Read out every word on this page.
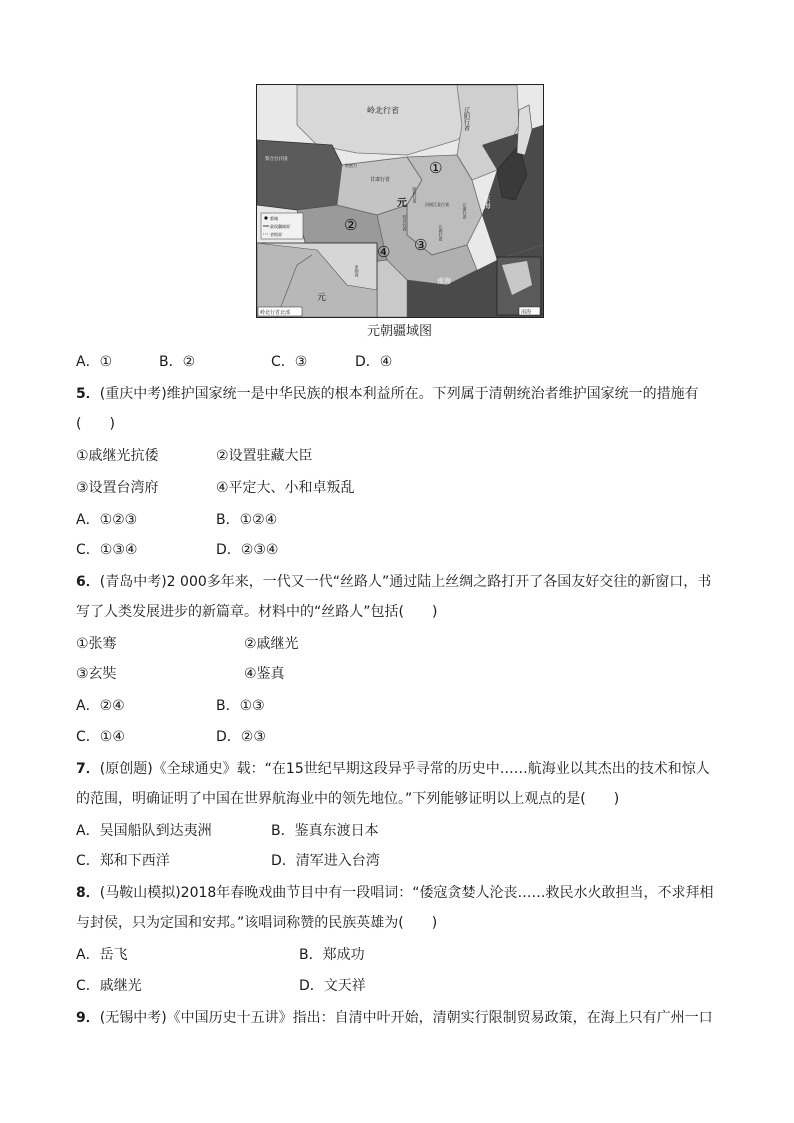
都城
政权疆域界
省级界
岭北行省	辽阳行省
察合台汗国
哈密力
甘肃行省
元
陕西行省
四川行省
河南江北行省	江浙行省
江西行省
东海
南海
①
②
③
④
亚纳河
元
岭北行省北部	南海
元朝疆域图
A．①	B．②	C．③	D．④
5．(重庆中考)维护国家统一是中华民族的根本利益所在。下列属于清朝统治者维护国家统一的措施有
(　　)
①戚继光抗倭	②设置驻藏大臣
③设置台湾府	④平定大、小和卓叛乱
A．①②③	B．①②④
C．①③④	D．②③④
6．(青岛中考)2 000多年来，一代又一代“丝路人”通过陆上丝绸之路打开了各国友好交往的新窗口，书
写了人类发展进步的新篇章。材料中的“丝路人”包括(　　)
①张骞	②戚继光
③玄奘	④鉴真
A．②④	B．①③
C．①④	D．②③
7．(原创题)《全球通史》载：“在15世纪早期这段异乎寻常的历史中……航海业以其杰出的技术和惊人
的范围，明确证明了中国在世界航海业中的领先地位。”下列能够证明以上观点的是(　　)
A．吴国船队到达夷洲	B．鉴真东渡日本
C．郑和下西洋	D．清军进入台湾
8．(马鞍山模拟)2018年春晚戏曲节目中有一段唱词：“倭寇贪婪人沦丧……救民水火敢担当，不求拜相
与封侯，只为定国和安邦。”该唱词称赞的民族英雄为(　　)
A．岳飞	B．郑成功
C．戚继光	D．文天祥
9．(无锡中考)《中国历史十五讲》指出：自清中叶开始，清朝实行限制贸易政策，在海上只有广州一口
